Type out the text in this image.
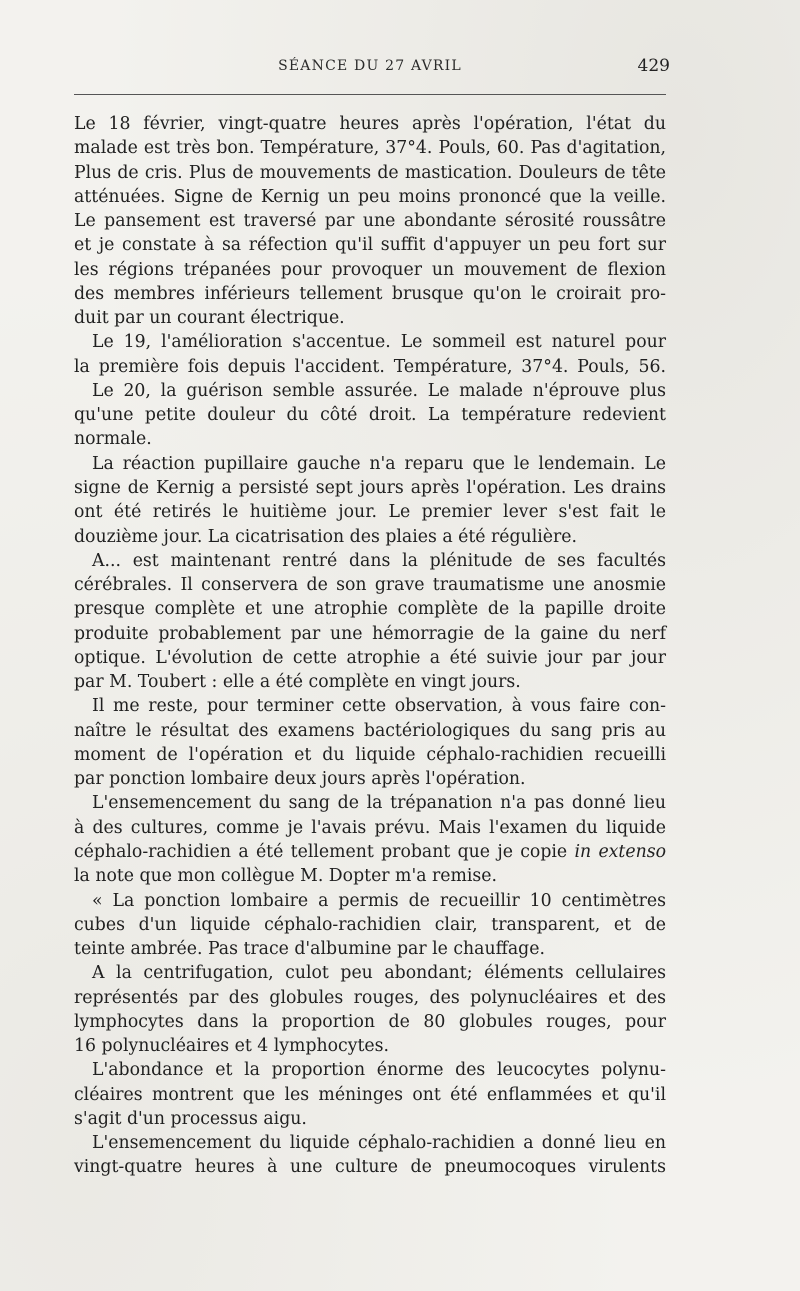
SÉANCE DU 27 AVRIL	429
Le 18 février, vingt-quatre heures après l'opération, l'état du
malade est très bon. Température, 37°4. Pouls, 60. Pas d'agitation,
Plus de cris. Plus de mouvements de mastication. Douleurs de tête
atténuées. Signe de Kernig un peu moins prononcé que la veille.
Le pansement est traversé par une abondante sérosité roussâtre
et je constate à sa réfection qu'il suffit d'appuyer un peu fort sur
les régions trépanées pour provoquer un mouvement de flexion
des membres inférieurs tellement brusque qu'on le croirait pro-
duit par un courant électrique.
Le 19, l'amélioration s'accentue. Le sommeil est naturel pour
la première fois depuis l'accident. Température, 37°4. Pouls, 56.
Le 20, la guérison semble assurée. Le malade n'éprouve plus
qu'une petite douleur du côté droit. La température redevient
normale.
La réaction pupillaire gauche n'a reparu que le lendemain. Le
signe de Kernig a persisté sept jours après l'opération. Les drains
ont été retirés le huitième jour. Le premier lever s'est fait le
douzième jour. La cicatrisation des plaies a été régulière.
A... est maintenant rentré dans la plénitude de ses facultés
cérébrales. Il conservera de son grave traumatisme une anosmie
presque complète et une atrophie complète de la papille droite
produite probablement par une hémorragie de la gaine du nerf
optique. L'évolution de cette atrophie a été suivie jour par jour
par M. Toubert : elle a été complète en vingt jours.
Il me reste, pour terminer cette observation, à vous faire con-
naître le résultat des examens bactériologiques du sang pris au
moment de l'opération et du liquide céphalo-rachidien recueilli
par ponction lombaire deux jours après l'opération.
L'ensemencement du sang de la trépanation n'a pas donné lieu
à des cultures, comme je l'avais prévu. Mais l'examen du liquide
céphalo-rachidien a été tellement probant que je copie in extenso
la note que mon collègue M. Dopter m'a remise.
« La ponction lombaire a permis de recueillir 10 centimètres
cubes d'un liquide céphalo-rachidien clair, transparent, et de
teinte ambrée. Pas trace d'albumine par le chauffage.
A la centrifugation, culot peu abondant; éléments cellulaires
représentés par des globules rouges, des polynucléaires et des
lymphocytes dans la proportion de 80 globules rouges, pour
16 polynucléaires et 4 lymphocytes.
L'abondance et la proportion énorme des leucocytes polynu-
cléaires montrent que les méninges ont été enflammées et qu'il
s'agit d'un processus aigu.
L'ensemencement du liquide céphalo-rachidien a donné lieu en
vingt-quatre heures à une culture de pneumocoques virulents
